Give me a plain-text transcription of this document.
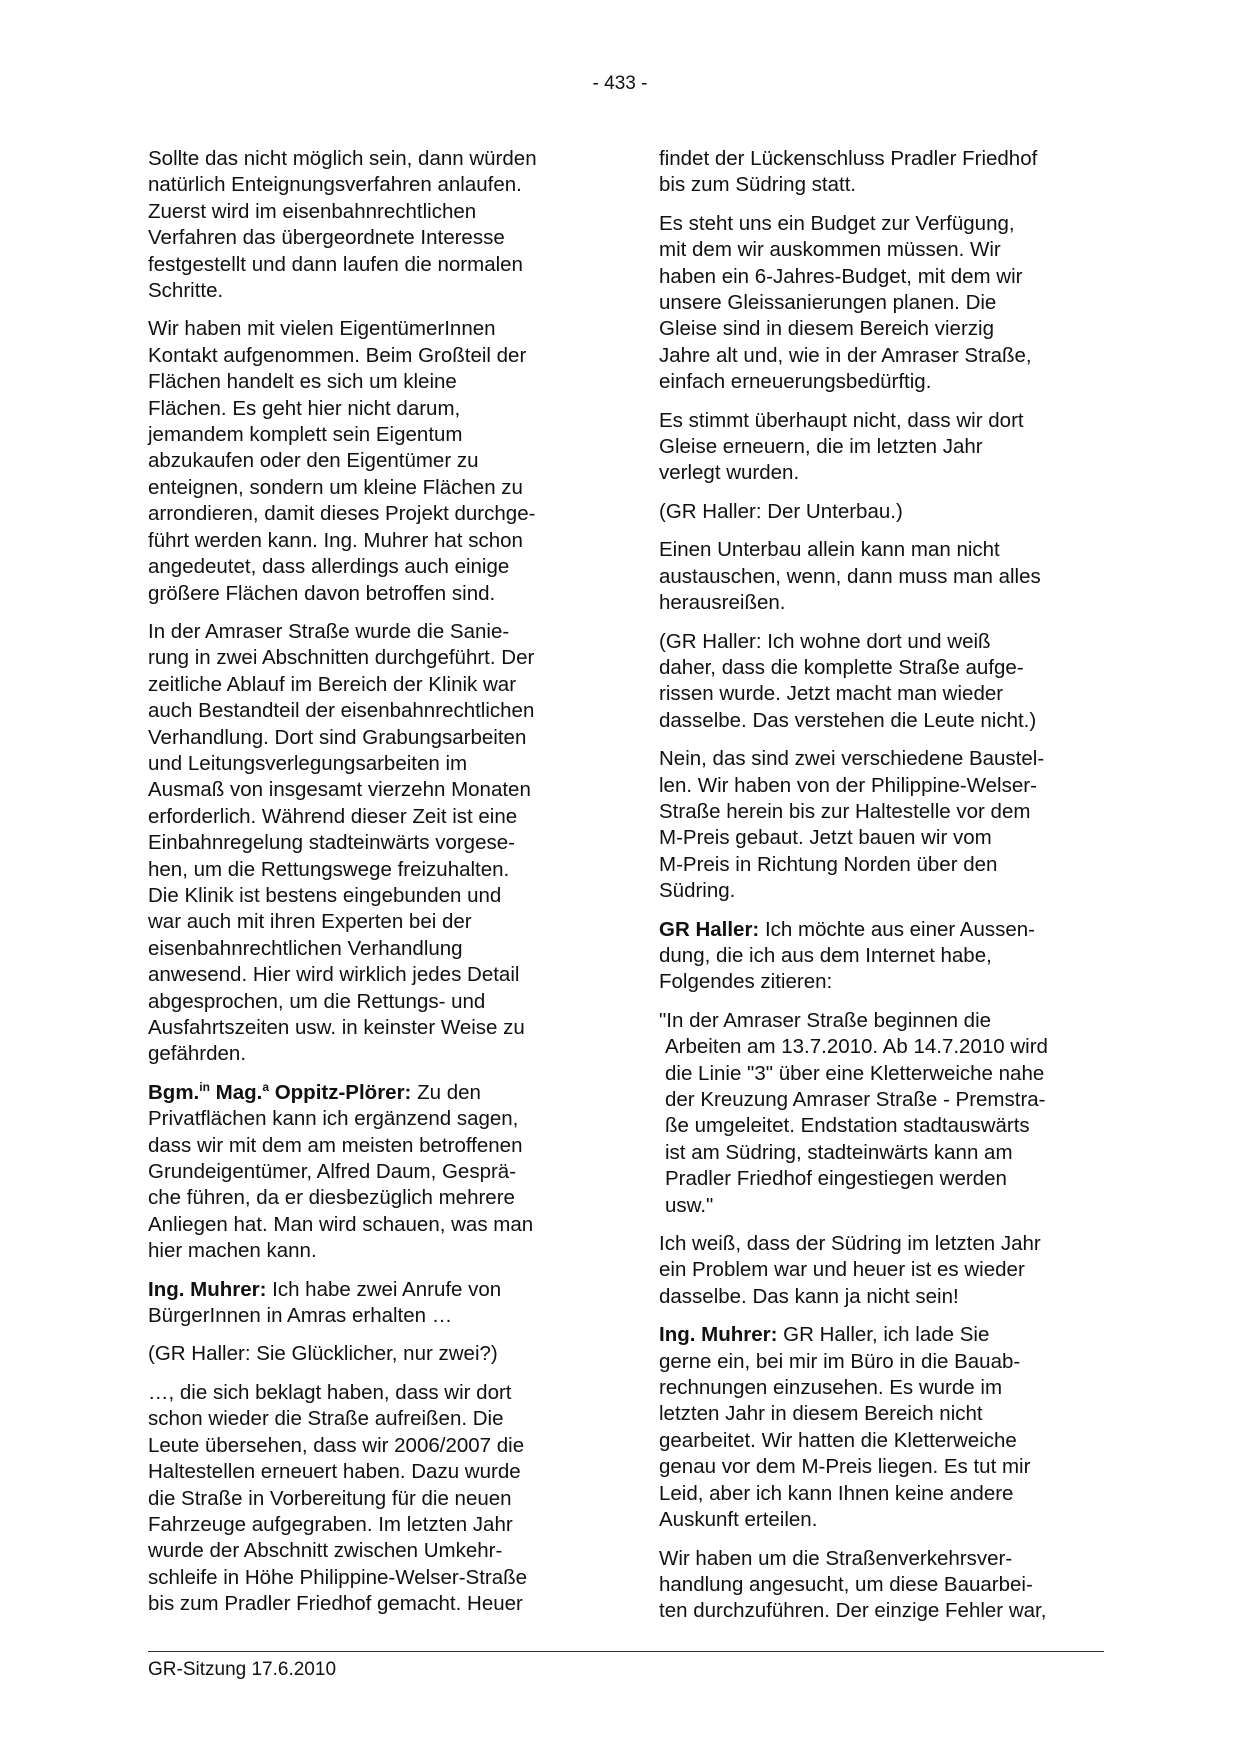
- 433 -

Sollte das nicht möglich sein, dann würden
natürlich Enteignungsverfahren anlaufen.
Zuerst wird im eisenbahnrechtlichen
Verfahren das übergeordnete Interesse
festgestellt und dann laufen die normalen
Schritte.

Wir haben mit vielen EigentümerInnen
Kontakt aufgenommen. Beim Großteil der
Flächen handelt es sich um kleine
Flächen. Es geht hier nicht darum,
jemandem komplett sein Eigentum
abzukaufen oder den Eigentümer zu
enteignen, sondern um kleine Flächen zu
arrondieren, damit dieses Projekt durchge-
führt werden kann. Ing. Muhrer hat schon
angedeutet, dass allerdings auch einige
größere Flächen davon betroffen sind.

In der Amraser Straße wurde die Sanie-
rung in zwei Abschnitten durchgeführt. Der
zeitliche Ablauf im Bereich der Klinik war
auch Bestandteil der eisenbahnrechtlichen
Verhandlung. Dort sind Grabungsarbeiten
und Leitungsverlegungsarbeiten im
Ausmaß von insgesamt vierzehn Monaten
erforderlich. Während dieser Zeit ist eine
Einbahnregelung stadteinwärts vorgese-
hen, um die Rettungswege freizuhalten.
Die Klinik ist bestens eingebunden und
war auch mit ihren Experten bei der
eisenbahnrechtlichen Verhandlung
anwesend. Hier wird wirklich jedes Detail
abgesprochen, um die Rettungs- und
Ausfahrtszeiten usw. in keinster Weise zu
gefährden.

Bgm.$^{in}$ Mag.$^a$ Oppitz-Plörer: Zu den
Privatflächen kann ich ergänzend sagen,
dass wir mit dem am meisten betroffenen
Grundeigentümer, Alfred Daum, Gesprä-
che führen, da er diesbezüglich mehrere
Anliegen hat. Man wird schauen, was man
hier machen kann.

Ing. Muhrer: Ich habe zwei Anrufe von
BürgerInnen in Amras erhalten …

(GR Haller: Sie Glücklicher, nur zwei?)

…, die sich beklagt haben, dass wir dort
schon wieder die Straße aufreißen. Die
Leute übersehen, dass wir 2006/2007 die
Haltestellen erneuert haben. Dazu wurde
die Straße in Vorbereitung für die neuen
Fahrzeuge aufgegraben. Im letzten Jahr
wurde der Abschnitt zwischen Umkehr-
schleife in Höhe Philippine-Welser-Straße
bis zum Pradler Friedhof gemacht. Heuer

findet der Lückenschluss Pradler Friedhof
bis zum Südring statt.

Es steht uns ein Budget zur Verfügung,
mit dem wir auskommen müssen. Wir
haben ein 6-Jahres-Budget, mit dem wir
unsere Gleissanierungen planen. Die
Gleise sind in diesem Bereich vierzig
Jahre alt und, wie in der Amraser Straße,
einfach erneuerungsbedürftig.

Es stimmt überhaupt nicht, dass wir dort
Gleise erneuern, die im letzten Jahr
verlegt wurden.

(GR Haller: Der Unterbau.)

Einen Unterbau allein kann man nicht
austauschen, wenn, dann muss man alles
herausreißen.

(GR Haller: Ich wohne dort und weiß
daher, dass die komplette Straße aufge-
rissen wurde. Jetzt macht man wieder
dasselbe. Das verstehen die Leute nicht.)

Nein, das sind zwei verschiedene Baustel-
len. Wir haben von der Philippine-Welser-
Straße herein bis zur Haltestelle vor dem
M-Preis gebaut. Jetzt bauen wir vom
M-Preis in Richtung Norden über den
Südring.

GR Haller: Ich möchte aus einer Aussen-
dung, die ich aus dem Internet habe,
Folgendes zitieren:

"In der Amraser Straße beginnen die
Arbeiten am 13.7.2010. Ab 14.7.2010 wird
die Linie "3" über eine Kletterweiche nahe
der Kreuzung Amraser Straße - Premstra-
ße umgeleitet. Endstation stadtauswärts
ist am Südring, stadteinwärts kann am
Pradler Friedhof eingestiegen werden
usw."

Ich weiß, dass der Südring im letzten Jahr
ein Problem war und heuer ist es wieder
dasselbe. Das kann ja nicht sein!

Ing. Muhrer: GR Haller, ich lade Sie
gerne ein, bei mir im Büro in die Bauab-
rechnungen einzusehen. Es wurde im
letzten Jahr in diesem Bereich nicht
gearbeitet. Wir hatten die Kletterweiche
genau vor dem M-Preis liegen. Es tut mir
Leid, aber ich kann Ihnen keine andere
Auskunft erteilen.

Wir haben um die Straßenverkehrsver-
handlung angesucht, um diese Bauarbei-
ten durchzuführen. Der einzige Fehler war,

GR-Sitzung 17.6.2010
